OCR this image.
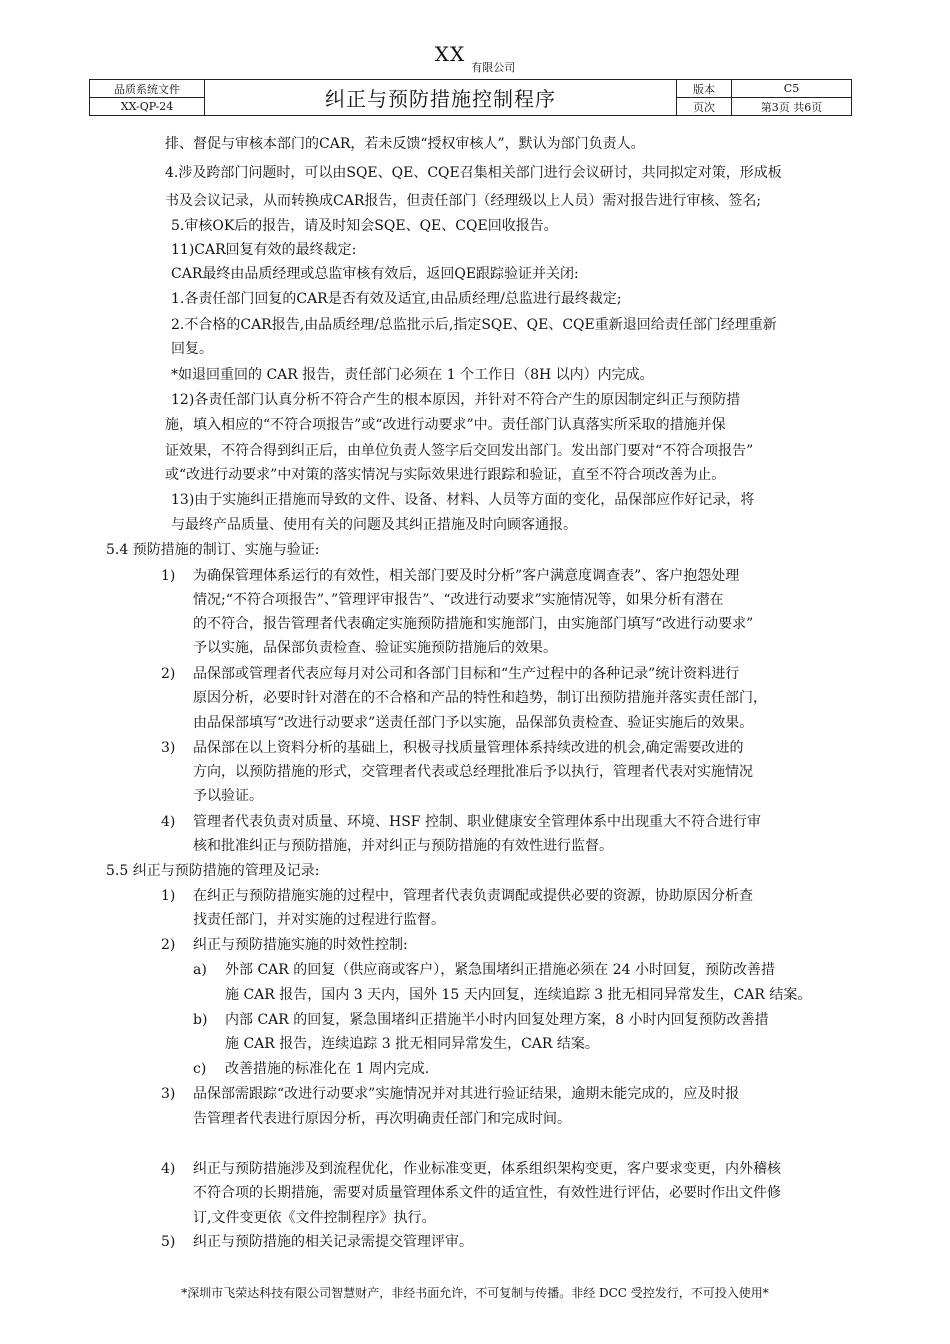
$XX_{有限公司}$
品质系统文件	纠正与预防措施控制程序	版本	C5
XX-QP-24		页次	第3页 共6页
排、督促与审核本部门的CAR，若未反馈“授权审核人”，默认为部门负责人。
4.涉及跨部门问题时，可以由SQE、QE、CQE召集相关部门进行会议研讨，共同拟定对策，形成板
书及会议记录，从而转换成CAR报告，但责任部门（经理级以上人员）需对报告进行审核、签名;
5.审核OK后的报告，请及时知会SQE、QE、CQE回收报告。
11)CAR回复有效的最终裁定:
CAR最终由品质经理或总监审核有效后，返回QE跟踪验证并关闭:
1.各责任部门回复的CAR是否有效及适宜,由品质经理/总监进行最终裁定;
2.不合格的CAR报告,由品质经理/总监批示后,指定SQE、QE、CQE重新退回给责任部门经理重新
回复。
*如退回重回的 CAR 报告，责任部门必须在 1 个工作日（8H 以内）内完成。
12)各责任部门认真分析不符合产生的根本原因，并针对不符合产生的原因制定纠正与预防措
施，填入相应的“不符合项报告”或“改进行动要求”中。责任部门认真落实所采取的措施并保
证效果，不符合得到纠正后，由单位负责人签字后交回发出部门。发出部门要对“不符合项报告”
或“改进行动要求”中对策的落实情况与实际效果进行跟踪和验证，直至不符合项改善为止。
13)由于实施纠正措施而导致的文件、设备、材料、人员等方面的变化，品保部应作好记录，将
与最终产品质量、使用有关的问题及其纠正措施及时向顾客通报。
5.4 预防措施的制订、实施与验证:
1) 为确保管理体系运行的有效性，相关部门要及时分析”客户满意度调查表”、客户抱怨处理
情况;“不符合项报告”、”管理评审报告”、“改进行动要求”实施情况等，如果分析有潜在
的不符合，报告管理者代表确定实施预防措施和实施部门，由实施部门填写“改进行动要求”
予以实施，品保部负责检查、验证实施预防措施后的效果。
2) 品保部或管理者代表应每月对公司和各部门目标和“生产过程中的各种记录”统计资料进行
原因分析，必要时针对潜在的不合格和产品的特性和趋势，制订出预防措施并落实责任部门，
由品保部填写“改进行动要求”送责任部门予以实施，品保部负责检查、验证实施后的效果。
3) 品保部在以上资料分析的基础上，积极寻找质量管理体系持续改进的机会,确定需要改进的
方向，以预防措施的形式，交管理者代表或总经理批准后予以执行，管理者代表对实施情况
予以验证。
4) 管理者代表负责对质量、环境、HSF 控制、职业健康安全管理体系中出现重大不符合进行审
核和批准纠正与预防措施，并对纠正与预防措施的有效性进行监督。
5.5 纠正与预防措施的管理及记录:
1) 在纠正与预防措施实施的过程中，管理者代表负责调配或提供必要的资源，协助原因分析查
找责任部门，并对实施的过程进行监督。
2) 纠正与预防措施实施的时效性控制:
a) 外部 CAR 的回复（供应商或客户），紧急围堵纠正措施必须在 24 小时回复，预防改善措
施 CAR 报告，国内 3 天内，国外 15 天内回复，连续追踪 3 批无相同异常发生，CAR 结案。
b) 内部 CAR 的回复，紧急围堵纠正措施半小时内回复处理方案，8 小时内回复预防改善措
施 CAR 报告，连续追踪 3 批无相同异常发生，CAR 结案。
c) 改善措施的标准化在 1 周内完成.
3) 品保部需跟踪“改进行动要求”实施情况并对其进行验证结果，逾期未能完成的，应及时报
告管理者代表进行原因分析，再次明确责任部门和完成时间。
4) 纠正与预防措施涉及到流程优化，作业标准变更，体系组织架构变更，客户要求变更，内外稽核
不符合项的长期措施，需要对质量管理体系文件的适宜性，有效性进行评估，必要时作出文件修
订,文件变更依《文件控制程序》执行。
5) 纠正与预防措施的相关记录需提交管理评审。
*深圳市飞荣达科技有限公司智慧财产，非经书面允许，不可复制与传播。非经 DCC 受控发行，不可投入使用*
